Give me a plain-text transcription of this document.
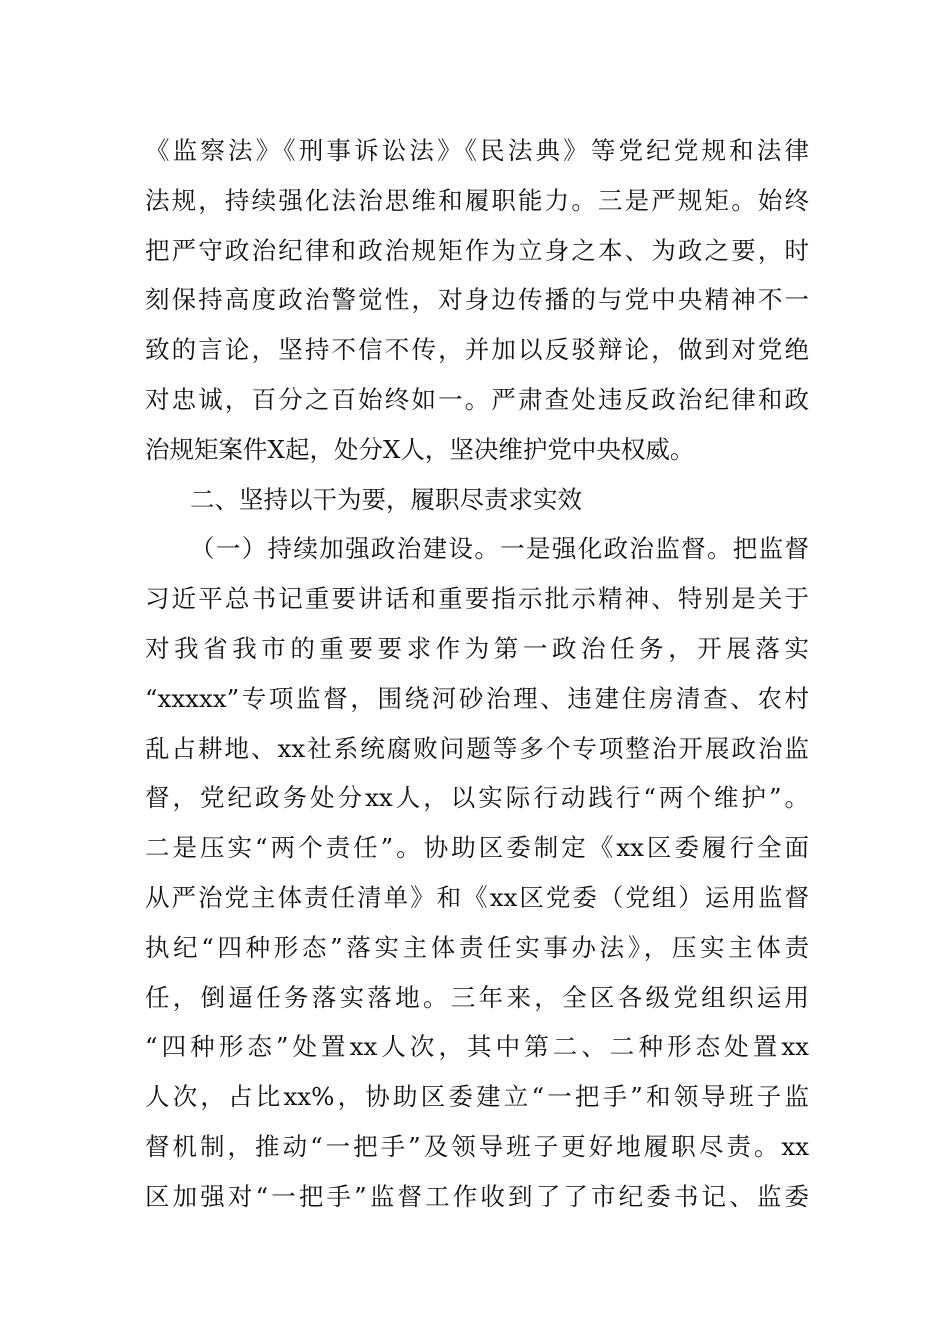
《监察法》《刑事诉讼法》《民法典》等党纪党规和法律
法规，持续强化法治思维和履职能力。三是严规矩。始终
把严守政治纪律和政治规矩作为立身之本、为政之要，时
刻保持高度政治警觉性，对身边传播的与党中央精神不一
致的言论，坚持不信不传，并加以反驳辩论，做到对党绝
对忠诚，百分之百始终如一。严肃查处违反政治纪律和政
治规矩案件X起，处分X人，坚决维护党中央权威。
二、坚持以干为要，履职尽责求实效
（一）持续加强政治建设。一是强化政治监督。把监督
习近平总书记重要讲话和重要指示批示精神、特别是关于
对我省我市的重要要求作为第一政治任务，开展落实
“xxxxx”专项监督，围绕河砂治理、违建住房清查、农村
乱占耕地、xx社系统腐败问题等多个专项整治开展政治监
督，党纪政务处分xx人，以实际行动践行“两个维护”。
二是压实“两个责任”。协助区委制定《xx区委履行全面
从严治党主体责任清单》和《xx区党委（党组）运用监督
执纪“四种形态”落实主体责任实事办法》，压实主体责
任，倒逼任务落实落地。三年来，全区各级党组织运用
“四种形态”处置xx人次，其中第二、二种形态处置xx
人次，占比xx%，协助区委建立“一把手”和领导班子监
督机制，推动“一把手”及领导班子更好地履职尽责。xx
区加强对“一把手”监督工作收到了了市纪委书记、监委
